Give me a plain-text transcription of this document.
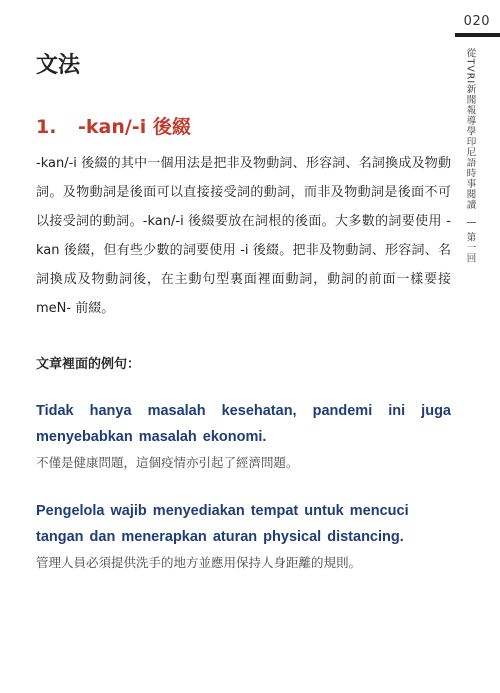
020
從TVRI新聞報導學印尼語時事閱讀
第一回
文法
1. -kan/-i 後綴

-kan/-i 後綴的其中一個用法是把非及物動詞、形容詞、名詞換成及物動詞。及物動詞是後面可以直接接受詞的動詞，而非及物動詞是後面不可以接受詞的動詞。-kan/-i 後綴要放在詞根的後面。大多數的詞要使用 -kan 後綴，但有些少數的詞要使用 -i 後綴。把非及物動詞、形容詞、名詞換成及物動詞後，在主動句型裏面裡面動詞，動詞的前面一樣要接 meN- 前綴。

文章裡面的例句：

Tidak hanya masalah kesehatan, pandemi ini juga menyebabkan masalah ekonomi.

不僅是健康問題，這個疫情亦引起了經濟問題。

Pengelola wajib menyediakan tempat untuk mencuci tangan dan menerapkan aturan physical distancing.

管理人員必須提供洗手的地方並應用保持人身距離的規則。
